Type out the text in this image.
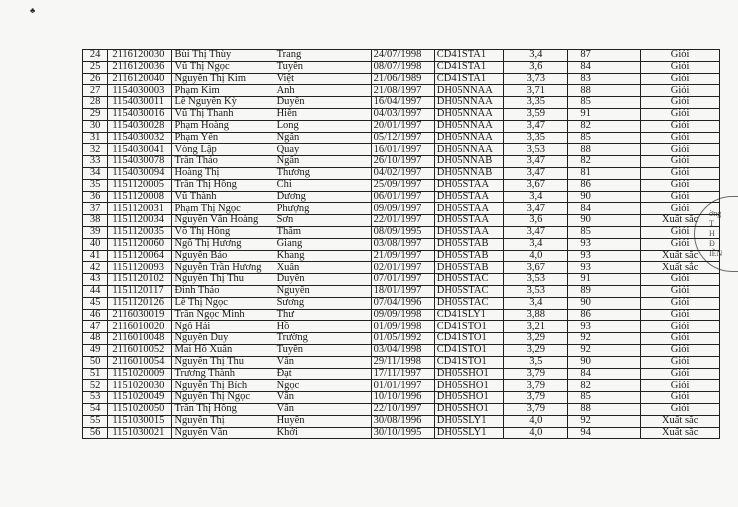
♣
ờng
T
H
Đ
IỀN
24	2116120030	Bùi Thị Thùy	Trang	24/07/1998	CD41STA1	3,4	87	Giỏi
25	2116120036	Vũ Thị Ngọc	Tuyền	08/07/1998	CD41STA1	3,6	84	Giỏi
26	2116120040	Nguyễn Thị Kim	Việt	21/06/1989	CD41STA1	3,73	83	Giỏi
27	1154030003	Phạm Kim	Anh	21/08/1997	DH05NNAA	3,71	88	Giỏi
28	1154030011	Lê Nguyễn Kỳ	Duyên	16/04/1997	DH05NNAA	3,35	85	Giỏi
29	1154030016	Vũ Thị Thanh	Hiền	04/03/1997	DH05NNAA	3,59	91	Giỏi
30	1154030028	Phạm Hoàng	Long	20/01/1997	DH05NNAA	3,47	82	Giỏi
31	1154030032	Phạm Yến	Ngân	05/12/1997	DH05NNAA	3,35	85	Giỏi
32	1154030041	Vòng Lập	Quay	16/01/1997	DH05NNAA	3,53	88	Giỏi
33	1154030078	Trần Thảo	Ngân	26/10/1997	DH05NNAB	3,47	82	Giỏi
34	1154030094	Hoàng Thị	Thương	04/02/1997	DH05NNAB	3,47	81	Giỏi
35	1151120005	Trần Thị Hồng	Chi	25/09/1997	DH05STAA	3,67	86	Giỏi
36	1151120008	Vũ Thành	Dương	06/01/1997	DH05STAA	3,4	90	Giỏi
37	1151120031	Phạm Thị Ngọc	Phượng	09/09/1997	DH05STAA	3,47	84	Giỏi
38	1151120034	Nguyễn Văn Hoàng	Sơn	22/01/1997	DH05STAA	3,6	90	Xuất sắc
39	1151120035	Võ Thị Hồng	Thắm	08/09/1995	DH05STAA	3,47	85	Giỏi
40	1151120060	Ngô Thị Hương	Giang	03/08/1997	DH05STAB	3,4	93	Giỏi
41	1151120064	Nguyễn Bảo	Khang	21/09/1997	DH05STAB	4,0	93	Xuất sắc
42	1151120093	Nguyễn Trần Hương	Xuân	02/01/1997	DH05STAB	3,67	93	Xuất sắc
43	1151120102	Nguyễn Thị Thu	Duyên	07/01/1997	DH05STAC	3,53	91	Giỏi
44	1151120117	Đinh Thảo	Nguyên	18/01/1997	DH05STAC	3,53	89	Giỏi
45	1151120126	Lê Thị Ngọc	Sương	07/04/1996	DH05STAC	3,4	90	Giỏi
46	2116030019	Trần Ngọc Minh	Thư	09/09/1998	CD41SLY1	3,88	86	Giỏi
47	2116010020	Ngô Hải	Hồ	01/09/1998	CD41STO1	3,21	93	Giỏi
48	2116010048	Nguyễn Duy	Trường	01/05/1992	CD41STO1	3,29	92	Giỏi
49	2116010052	Mai Hồ Xuân	Tuyền	03/04/1998	CD41STO1	3,29	92	Giỏi
50	2116010054	Nguyễn Thị Thu	Vân	29/11/1998	CD41STO1	3,5	90	Giỏi
51	1151020009	Trương Thành	Đạt	17/11/1997	DH05SHO1	3,79	84	Giỏi
52	1151020030	Nguyễn Thị Bích	Ngọc	01/01/1997	DH05SHO1	3,79	82	Giỏi
53	1151020049	Nguyễn Thị Ngọc	Vân	10/10/1996	DH05SHO1	3,79	85	Giỏi
54	1151020050	Trần Thị Hồng	Vân	22/10/1997	DH05SHO1	3,79	88	Giỏi
55	1151030015	Nguyễn Thị	Huyền	30/08/1996	DH05SLY1	4,0	92	Xuất sắc
56	1151030021	Nguyễn Văn	Khởi	30/10/1995	DH05SLY1	4,0	94	Xuất sắc
